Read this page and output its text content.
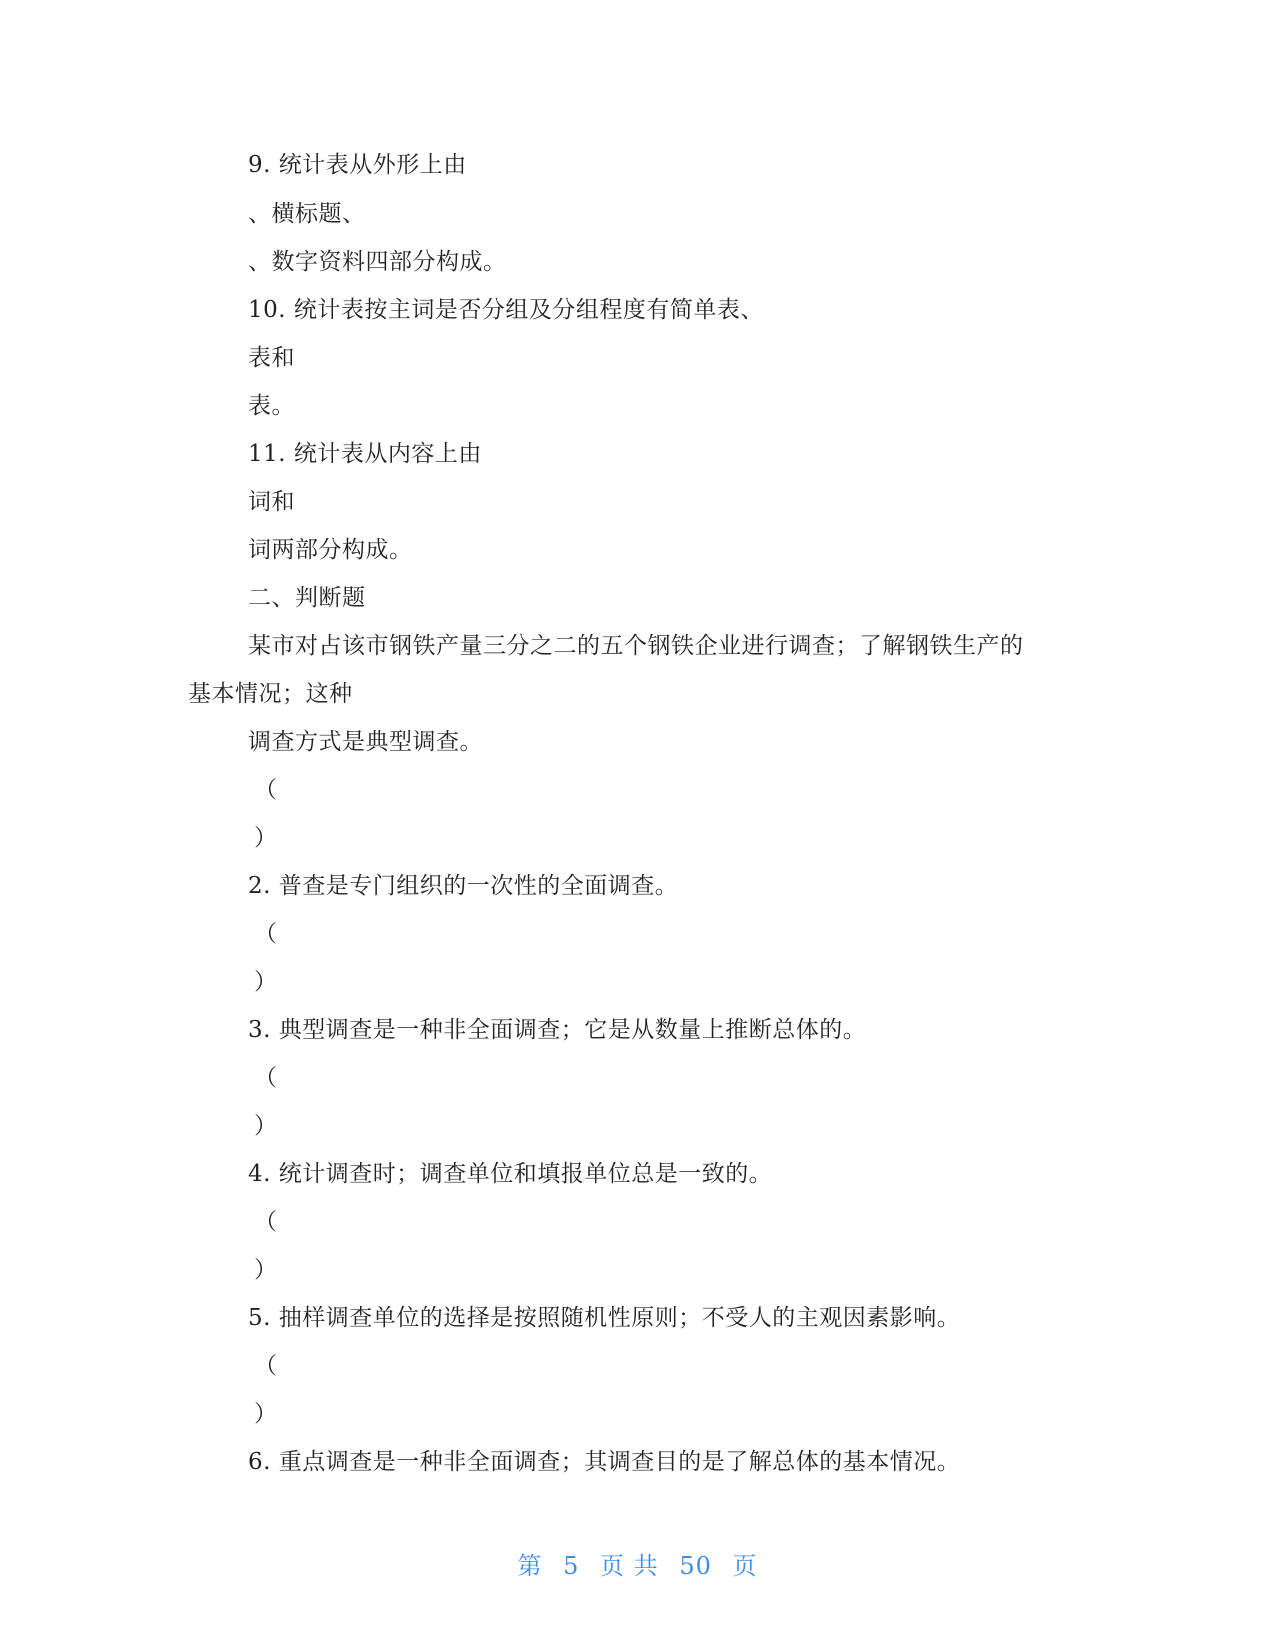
9. 统计表从外形上由
、横标题、
、数字资料四部分构成。
10. 统计表按主词是否分组及分组程度有简单表、
表和
表。
11. 统计表从内容上由
词和
词两部分构成。
二、判断题
某市对占该市钢铁产量三分之二的五个钢铁企业进行调查；了解钢铁生产的
基本情况；这种
调查方式是典型调查。
（
）
2. 普查是专门组织的一次性的全面调查。
（
）
3. 典型调查是一种非全面调查；它是从数量上推断总体的。
（
）
4. 统计调查时；调查单位和填报单位总是一致的。
（
）
5. 抽样调查单位的选择是按照随机性原则；不受人的主观因素影响。
（
）
6. 重点调查是一种非全面调查；其调查目的是了解总体的基本情况。
第 5 页 共 50 页
